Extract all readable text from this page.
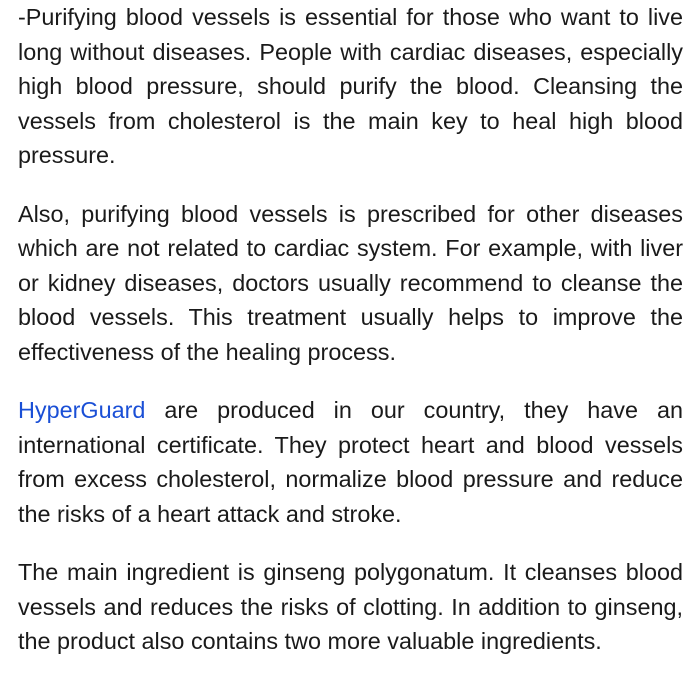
-Purifying blood vessels is essential for those who want to live long without diseases. People with cardiac diseases, especially high blood pressure, should purify the blood. Cleansing the vessels from cholesterol is the main key to heal high blood pressure.

Also, purifying blood vessels is prescribed for other diseases which are not related to cardiac system. For example, with liver or kidney diseases, doctors usually recommend to cleanse the blood vessels. This treatment usually helps to improve the effectiveness of the healing process.

HyperGuard are produced in our country, they have an international certificate. They protect heart and blood vessels from excess cholesterol, normalize blood pressure and reduce the risks of a heart attack and stroke.

The main ingredient is ginseng polygonatum. It cleanses blood vessels and reduces the risks of clotting. In addition to ginseng, the product also contains two more valuable ingredients.
